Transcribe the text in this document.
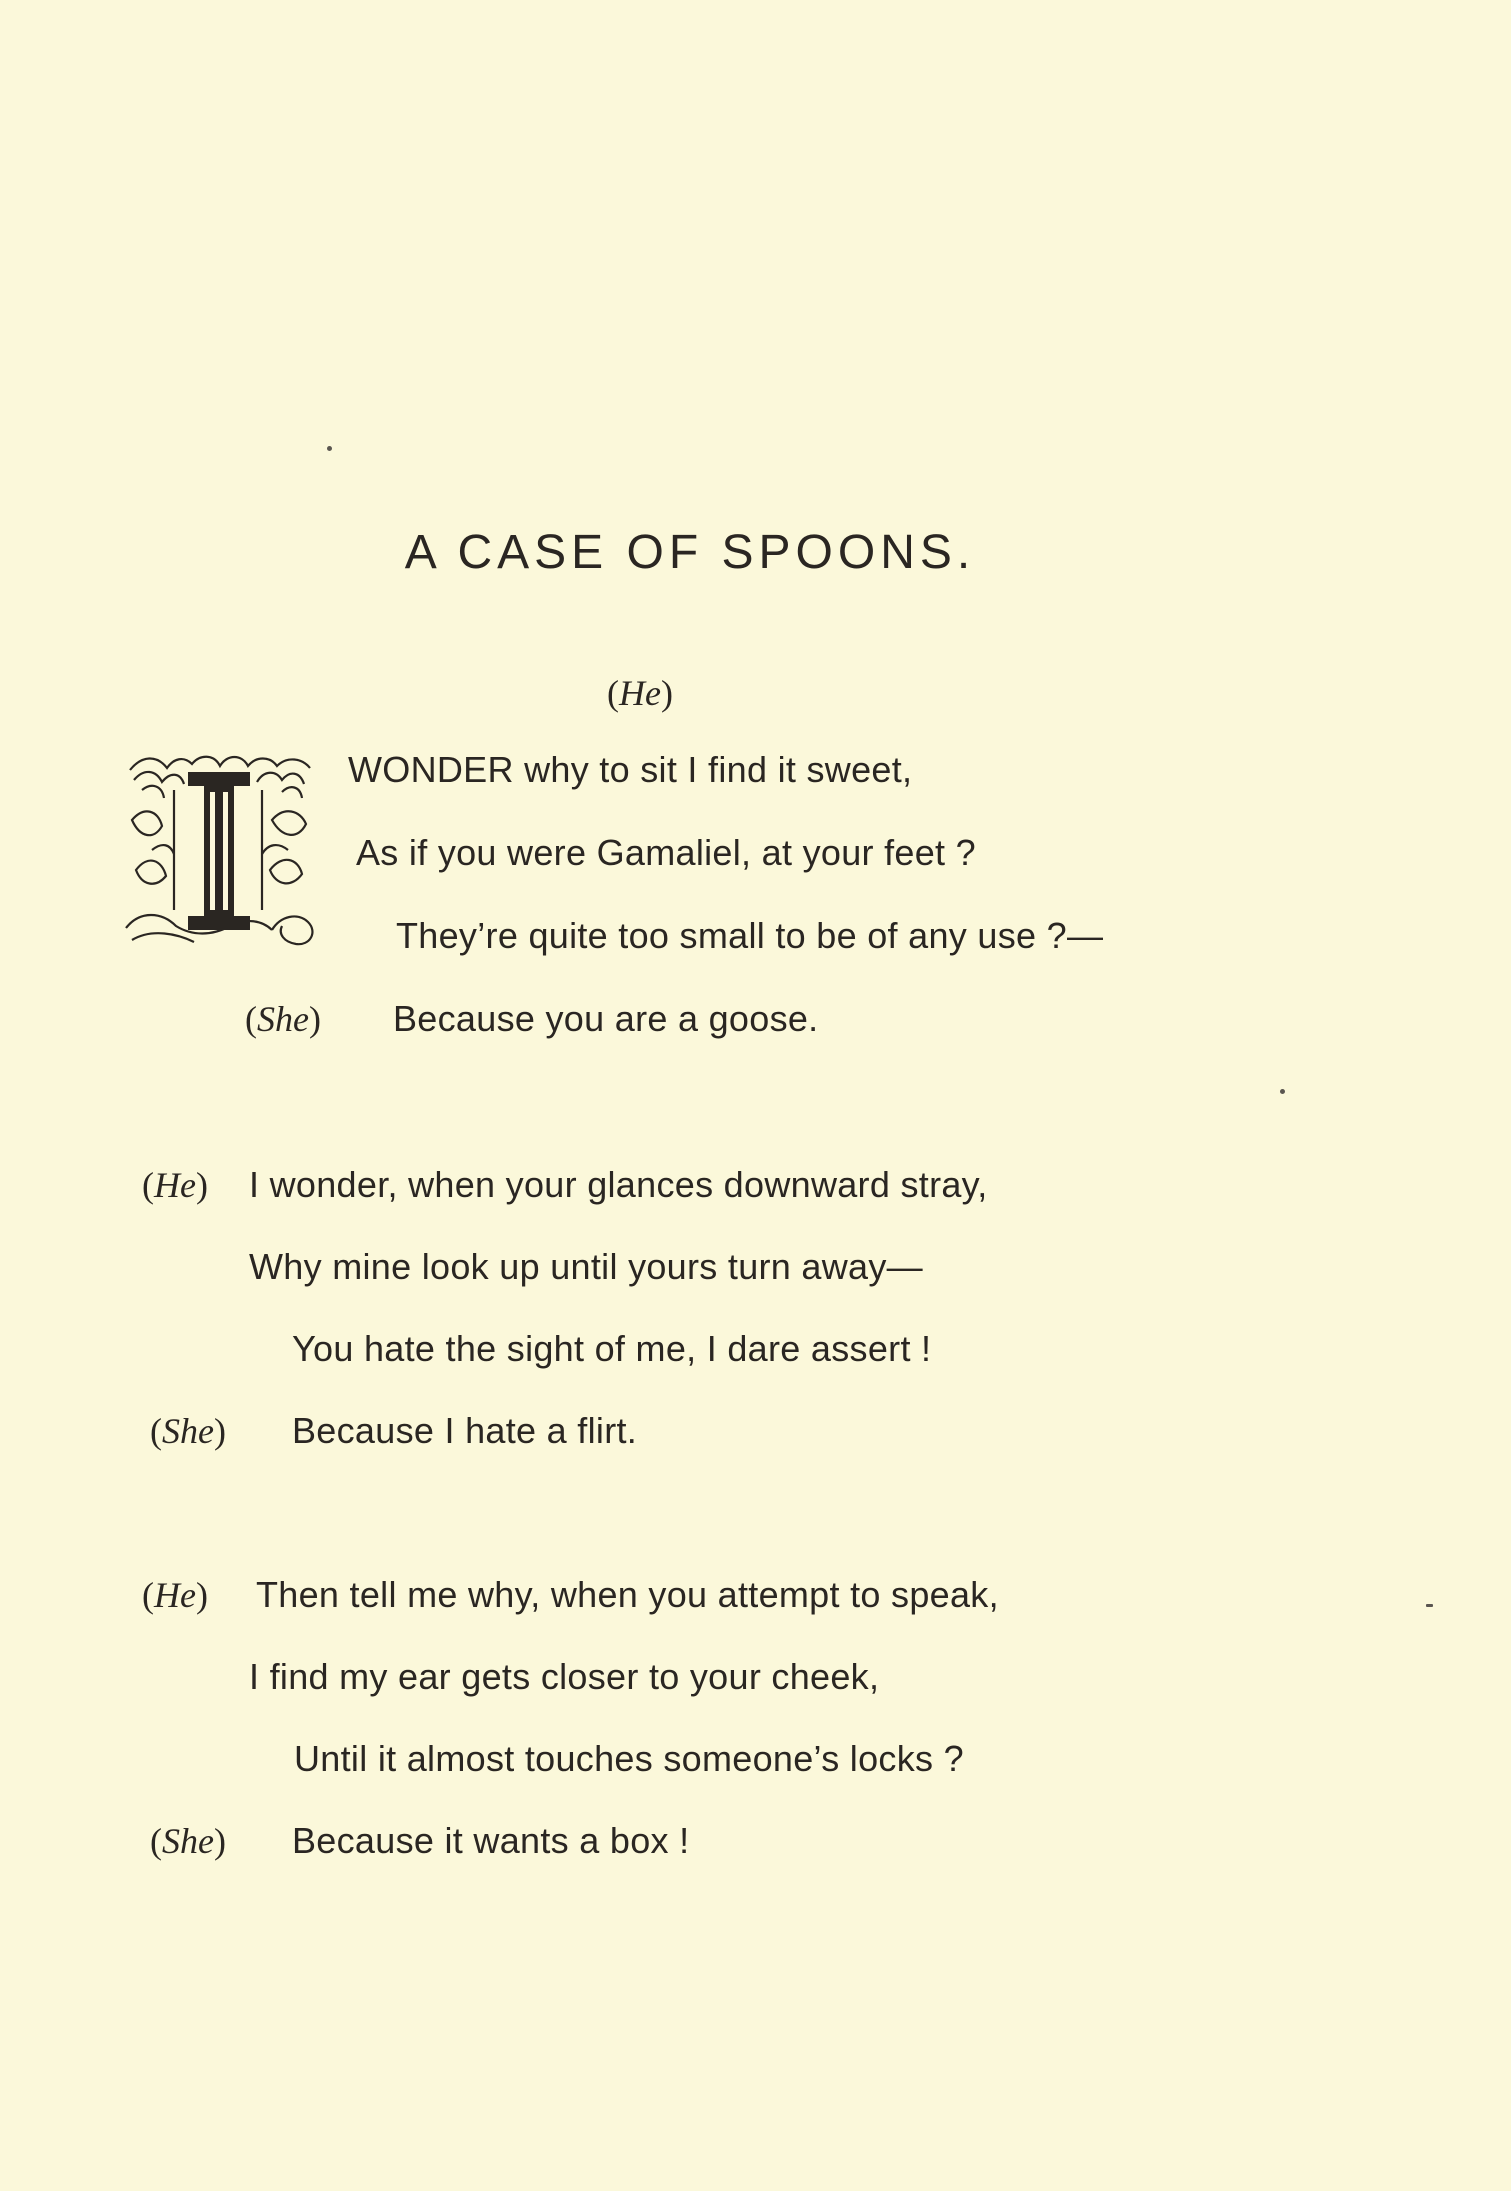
A CASE OF SPOONS.
(He)
WONDER why to sit I find it sweet,
As if you were Gamaliel, at your feet ?
They’re quite too small to be of any use ?—
(She) Because you are a goose.
(He) I wonder, when your glances downward stray,
Why mine look up until yours turn away—
You hate the sight of me, I dare assert !
(She) Because I hate a flirt.
(He) Then tell me why, when you attempt to speak,
I find my ear gets closer to your cheek,
Until it almost touches someone’s locks ?
(She) Because it wants a box !
